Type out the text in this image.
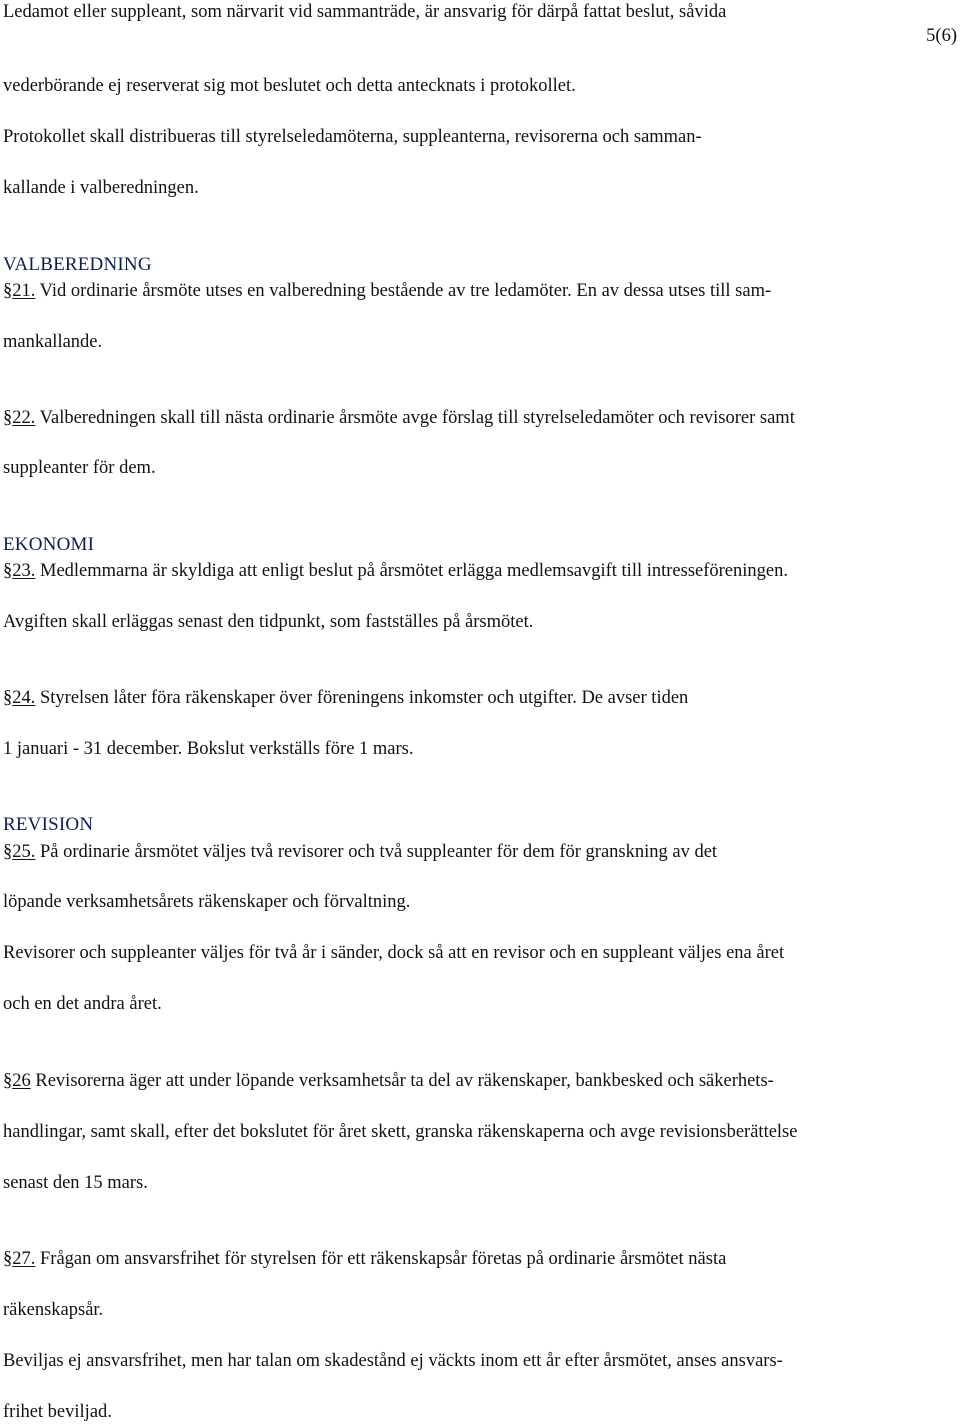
Ledamot eller suppleant, som närvarit vid sammanträde, är ansvarig för därpå fattat beslut, såvida
5(6)
vederbörande ej reserverat sig mot beslutet och detta antecknats i protokollet.
Protokollet skall distribueras till styrelseledamöterna, suppleanterna, revisorerna och samman-
kallande i valberedningen.
VALBEREDNING
§21. Vid ordinarie årsmöte utses en valberedning bestående av tre ledamöter. En av dessa utses till sam-
mankallande.
§22. Valberedningen skall till nästa ordinarie årsmöte avge förslag till styrelseledamöter och revisorer samt
suppleanter för dem.
EKONOMI
§23. Medlemmarna är skyldiga att enligt beslut på årsmötet erlägga medlemsavgift till intresseföreningen.
Avgiften skall erläggas senast den tidpunkt, som fastställes på årsmötet.
§24. Styrelsen låter föra räkenskaper över föreningens inkomster och utgifter. De avser tiden
1 januari - 31 december. Bokslut verkställs före 1 mars.
REVISION
§25. På ordinarie årsmötet väljes två revisorer och två suppleanter för dem för granskning av det
löpande verksamhetsårets räkenskaper och förvaltning.
Revisorer och suppleanter väljes för två år i sänder, dock så att en revisor och en suppleant väljes ena året
och en det andra året.
§26 Revisorerna äger att under löpande verksamhetsår ta del av räkenskaper, bankbesked och säkerhets-
handlingar, samt skall, efter det bokslutet för året skett, granska räkenskaperna och avge revisionsberättelse
senast den 15 mars.
§27. Frågan om ansvarsfrihet för styrelsen för ett räkenskapsår företas på ordinarie årsmötet nästa
räkenskapsår.
Beviljas ej ansvarsfrihet, men har talan om skadestånd ej väckts inom ett år efter årsmötet, anses ansvars-
frihet beviljad.
